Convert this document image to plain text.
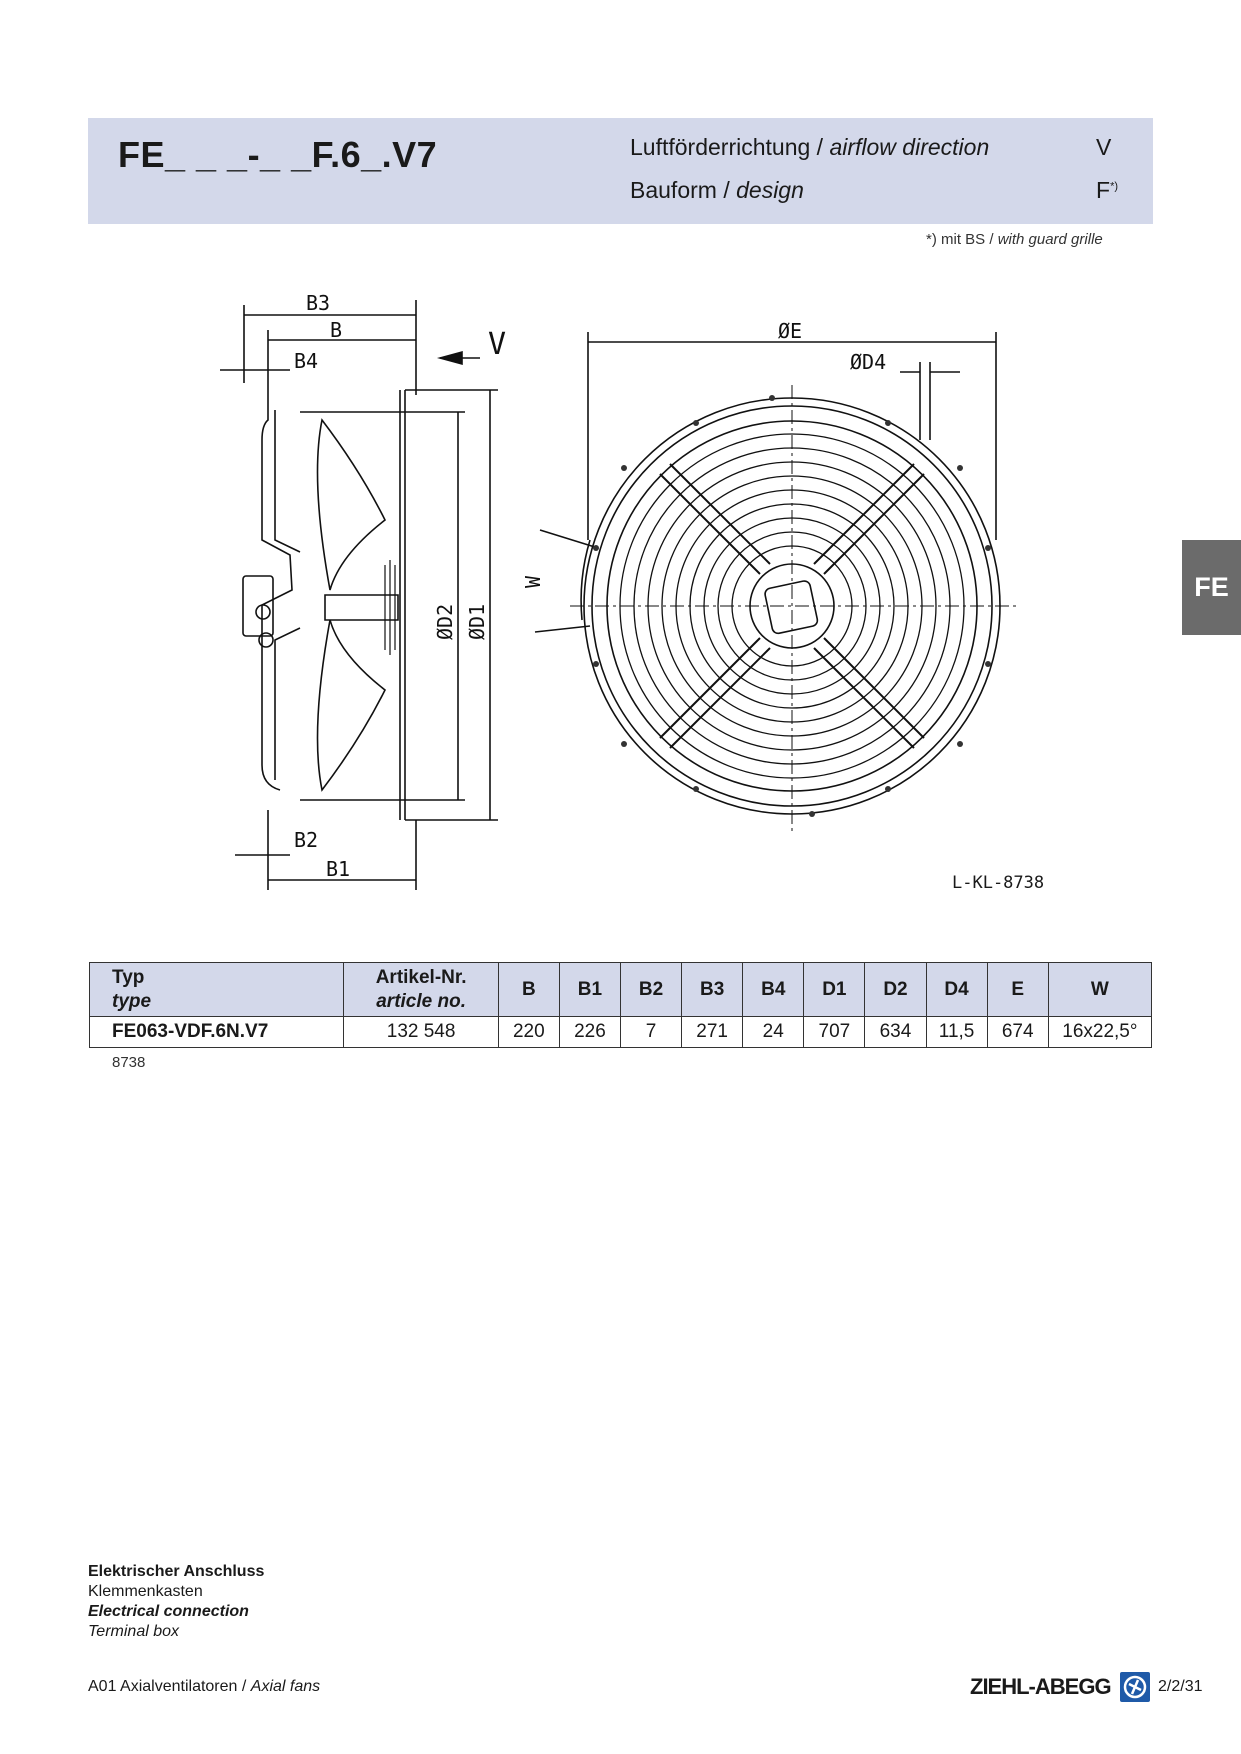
FE_ _ _-_ _F.6_.V7	Luftförderrichtung / airflow direction	V
Bauform / design	F*)
*) mit BS / with guard grille
FE
B3
B
B4	V
ØD2 ØD1
B2
B1
ØE
ØD4
W
L-KL-8738
Typ
type	Artikel-Nr.
article no.	B	B1	B2	B3	B4	D1	D2	D4	E	W
FE063-VDF.6N.V7	132 548	220	226	7	271	24	707	634	11,5	674	16x22,5°
8738
Elektrischer Anschluss
Klemmenkasten
Electrical connection
Terminal box
A01 Axialventilatoren / Axial fans	ZIEHL-ABEGG	2/2/31
